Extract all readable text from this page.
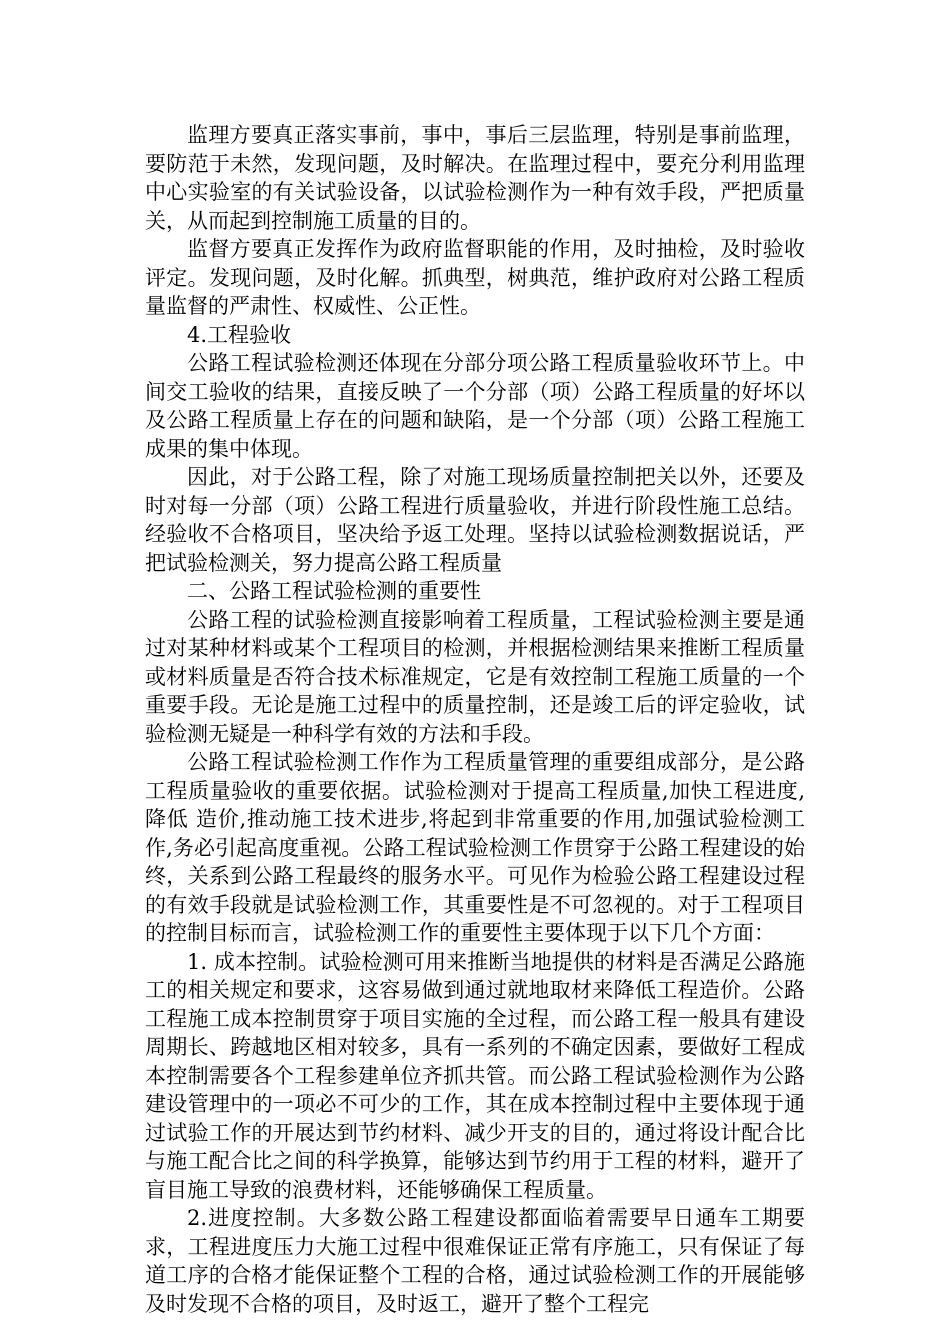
监理方要真正落实事前，事中，事后三层监理，特别是事前监理，要防范于未然，发现问题，及时解决。在监理过程中，要充分利用监理中心实验室的有关试验设备，以试验检测作为一种有效手段，严把质量关，从而起到控制施工质量的目的。

监督方要真正发挥作为政府监督职能的作用，及时抽检，及时验收评定。发现问题，及时化解。抓典型，树典范，维护政府对公路工程质量监督的严肃性、权威性、公正性。

4.工程验收

公路工程试验检测还体现在分部分项公路工程质量验收环节上。中间交工验收的结果，直接反映了一个分部（项）公路工程质量的好坏以及公路工程质量上存在的问题和缺陷，是一个分部（项）公路工程施工成果的集中体现。

因此，对于公路工程，除了对施工现场质量控制把关以外，还要及时对每一分部（项）公路工程进行质量验收，并进行阶段性施工总结。经验收不合格项目，坚决给予返工处理。坚持以试验检测数据说话，严把试验检测关，努力提高公路工程质量

二、公路工程试验检测的重要性

公路工程的试验检测直接影响着工程质量，工程试验检测主要是通过对某种材料或某个工程项目的检测，并根据检测结果来推断工程质量或材料质量是否符合技术标准规定，它是有效控制工程施工质量的一个重要手段。无论是施工过程中的质量控制，还是竣工后的评定验收，试验检测无疑是一种科学有效的方法和手段。

公路工程试验检测工作作为工程质量管理的重要组成部分，是公路工程质量验收的重要依据。试验检测对于提高工程质量,加快工程进度,降低 造价,推动施工技术进步,将起到非常重要的作用,加强试验检测工作,务必引起高度重视。公路工程试验检测工作贯穿于公路工程建设的始终，关系到公路工程最终的服务水平。可见作为检验公路工程建设过程的有效手段就是试验检测工作，其重要性是不可忽视的。对于工程项目的控制目标而言，试验检测工作的重要性主要体现于以下几个方面：

1. 成本控制。试验检测可用来推断当地提供的材料是否满足公路施工的相关规定和要求，这容易做到通过就地取材来降低工程造价。公路工程施工成本控制贯穿于项目实施的全过程，而公路工程一般具有建设周期长、跨越地区相对较多，具有一系列的不确定因素，要做好工程成本控制需要各个工程参建单位齐抓共管。而公路工程试验检测作为公路建设管理中的一项必不可少的工作，其在成本控制过程中主要体现于通过试验工作的开展达到节约材料、减少开支的目的，通过将设计配合比与施工配合比之间的科学换算，能够达到节约用于工程的材料，避开了盲目施工导致的浪费材料，还能够确保工程质量。

2.进度控制。大多数公路工程建设都面临着需要早日通车工期要求，工程进度压力大施工过程中很难保证正常有序施工，只有保证了每道工序的合格才能保证整个工程的合格，通过试验检测工作的开展能够及时发现不合格的项目，及时返工，避开了整个工程完
